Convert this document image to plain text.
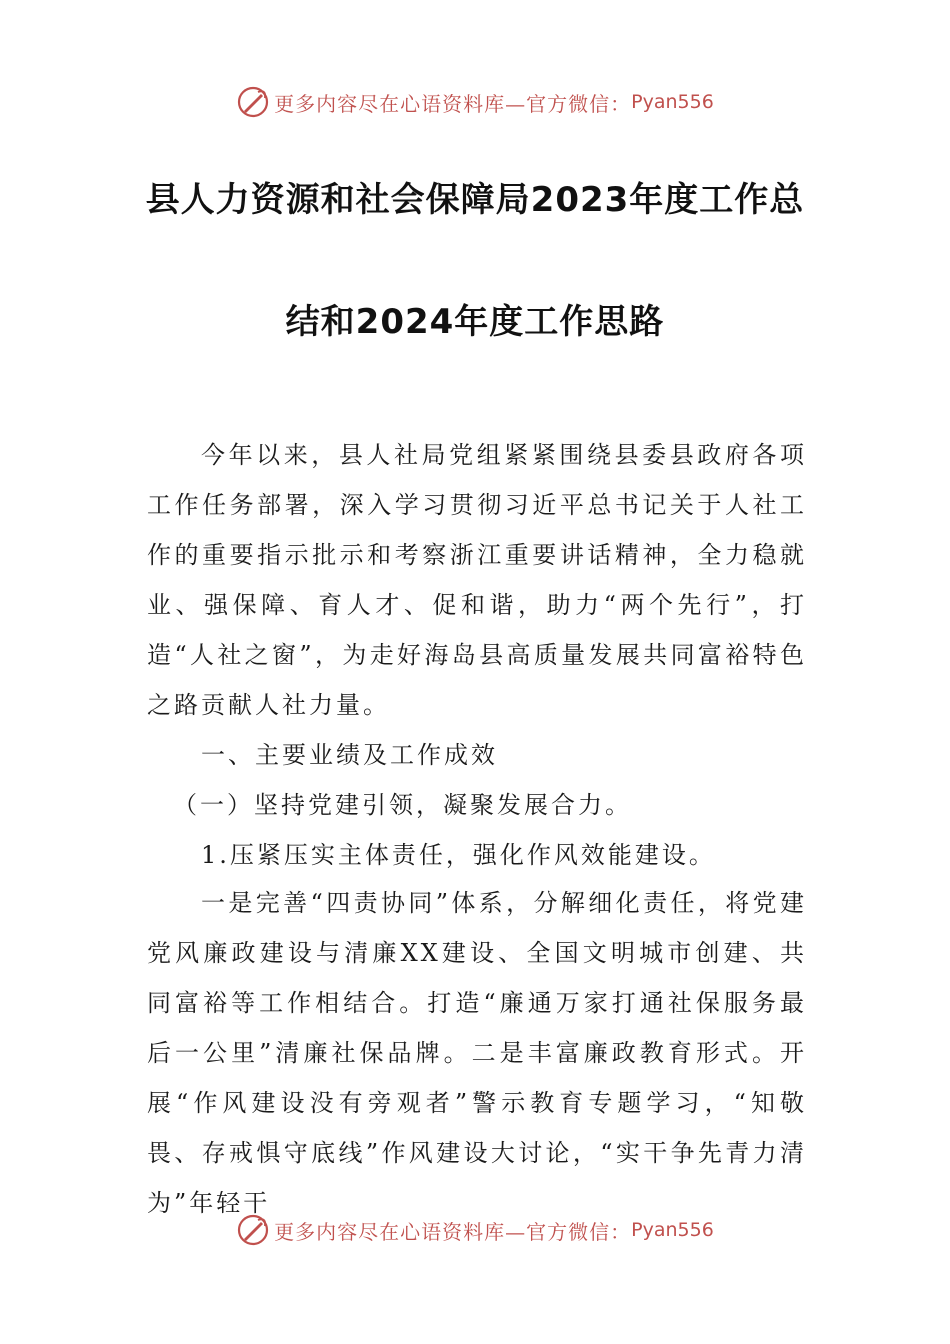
更多内容尽在心语资料库—官方微信： Pyan556
县人力资源和社会保障局2023年度工作总
结和2024年度工作思路
今年以来，县人社局党组紧紧围绕县委县政府各项工作任务部署，深入学习贯彻习近平总书记关于人社工作的重要指示批示和考察浙江重要讲话精神，全力稳就业、强保障、育人才、促和谐，助力“两个先行”，打造“人社之窗”，为走好海岛县高质量发展共同富裕特色之路贡献人社力量。
一、主要业绩及工作成效
（一）坚持党建引领，凝聚发展合力。
1.压紧压实主体责任，强化作风效能建设。
一是完善“四责协同”体系，分解细化责任，将党建党风廉政建设与清廉XX建设、全国文明城市创建、共同富裕等工作相结合。打造“廉通万家打通社保服务最后一公里”清廉社保品牌。二是丰富廉政教育形式。开展“作风建设没有旁观者”警示教育专题学习，“知敬畏、存戒惧守底线”作风建设大讨论，“实干争先青力清为”年轻干
更多内容尽在心语资料库—官方微信： Pyan556
